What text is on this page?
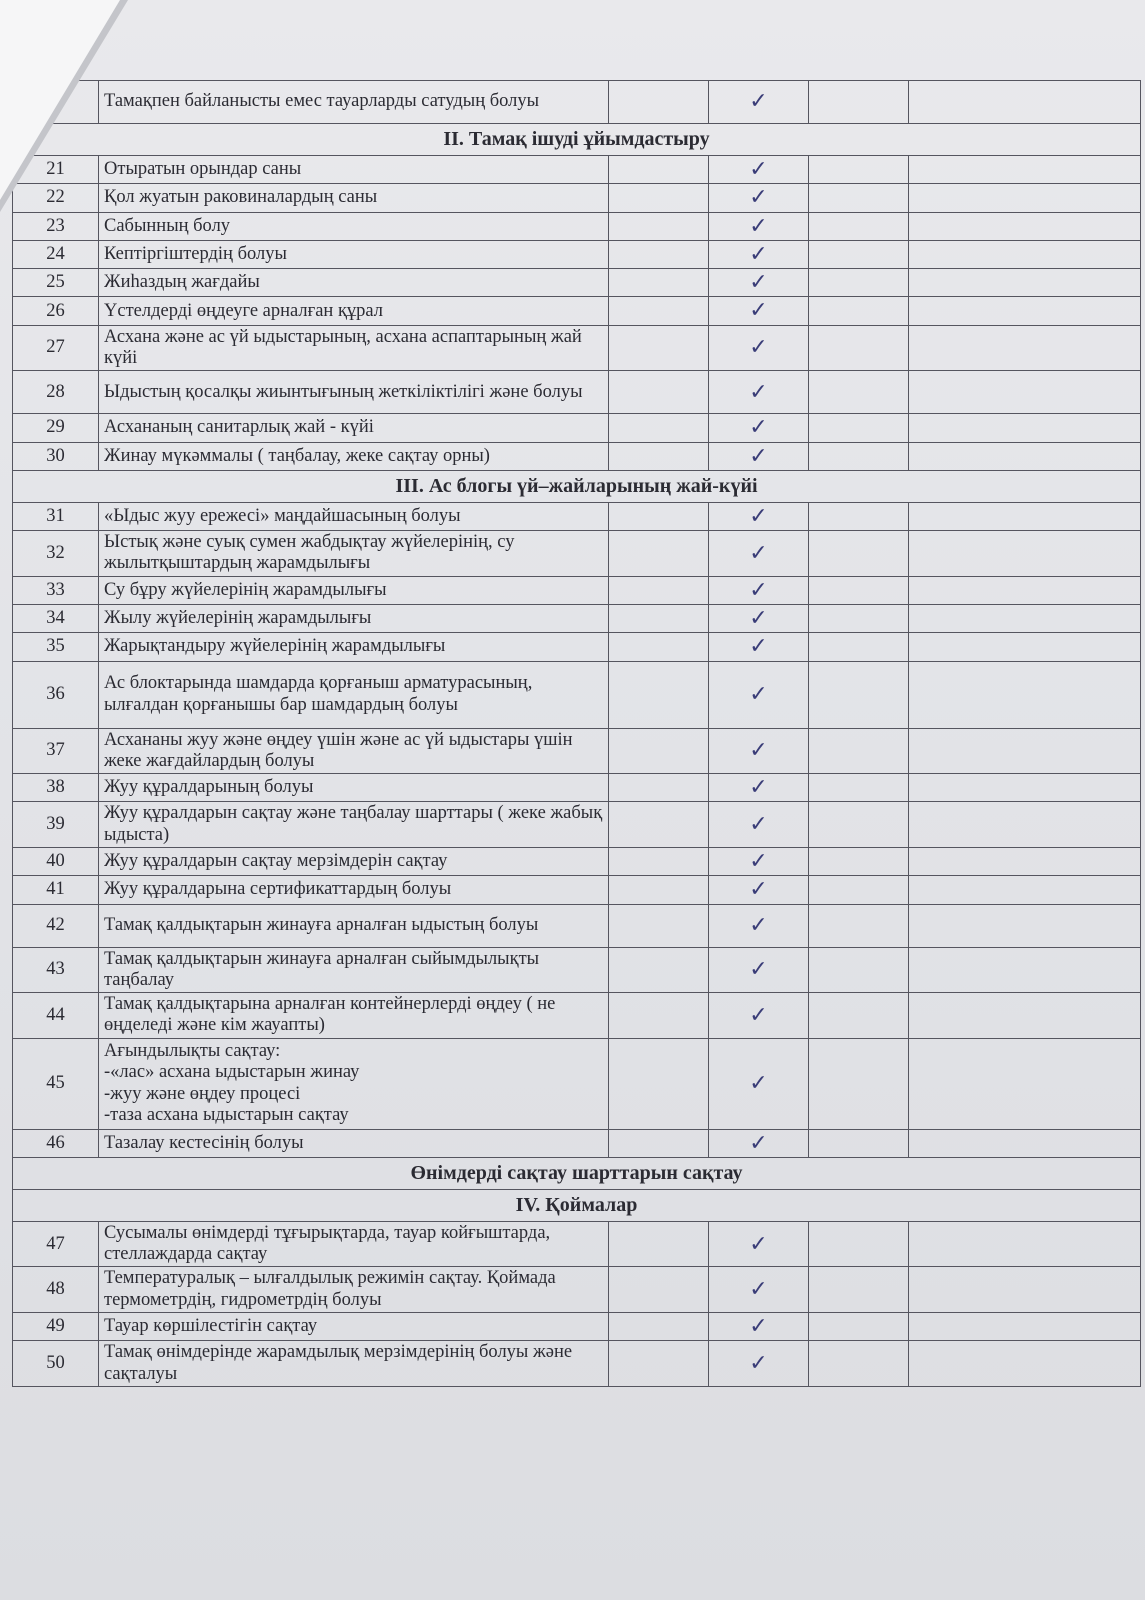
20	Тамақпен байланысты емес тауарларды сатудың болуы		✓		
II. Тамақ ішуді ұйымдастыру					
21	Отыратын орындар саны		✓		
22	Қол жуатын раковиналардың саны		✓		
23	Сабынның болу		✓		
24	Кептіргіштердің болуы		✓		
25	Жиһаздың жағдайы		✓		
26	Үстелдерді өңдеуге арналған құрал		✓		
27	Асхана және ас үй ыдыстарының, асхана аспаптарының жай күйі		✓		
28	Ыдыстың қосалқы жиынтығының жеткіліктілігі және болуы		✓		
29	Асхананың санитарлық жай - күйі		✓		
30	Жинау мүкәммалы ( таңбалау, жеке сақтау орны)		✓		
III. Ас блогы үй–жайларының жай-күйі					
31	«Ыдыс жуу ережесі» маңдайшасының болуы		✓		
32	Ыстық және суық сумен жабдықтау жүйелерінің, су жылытқыштардың жарамдылығы		✓		
33	Су бұру жүйелерінің жарамдылығы		✓		
34	Жылу жүйелерінің жарамдылығы		✓		
35	Жарықтандыру жүйелерінің жарамдылығы		✓		
36	Ас блоктарында шамдарда қорғаныш арматурасының, ылғалдан қорғанышы бар шамдардың болуы		✓		
37	Асхананы жуу және өңдеу үшін және ас үй ыдыстары үшін жеке жағдайлардың болуы		✓		
38	Жуу құралдарының болуы		✓		
39	Жуу құралдарын сақтау және таңбалау шарттары ( жеке жабық ыдыста)		✓		
40	Жуу құралдарын сақтау мерзімдерін сақтау		✓		
41	Жуу құралдарына сертификаттардың болуы		✓		
42	Тамақ қалдықтарын жинауға арналған ыдыстың болуы		✓		
43	Тамақ қалдықтарын жинауға арналған сыйымдылықты таңбалау		✓		
44	Тамақ қалдықтарына арналған контейнерлерді өңдеу ( не өңделеді және кім жауапты)		✓		
45	Ағындылықты сақтау:
-«лас» асхана ыдыстарын жинау
-жуу және өңдеу процесі
-таза асхана ыдыстарын сақтау		✓		
46	Тазалау кестесінің болуы		✓		
Өнімдерді сақтау шарттарын сақтау					
IV. Қоймалар					
47	Сусымалы өнімдерді тұғырықтарда, тауар койғыштарда, стеллаждарда сақтау		✓		
48	Температуралық – ылғалдылық режимін сақтау. Қоймада термометрдің, гидрометрдің болуы		✓		
49	Тауар көршілестігін сақтау		✓		
50	Тамақ өнімдерінде жарамдылық мерзімдерінің болуы және сақталуы		✓		
